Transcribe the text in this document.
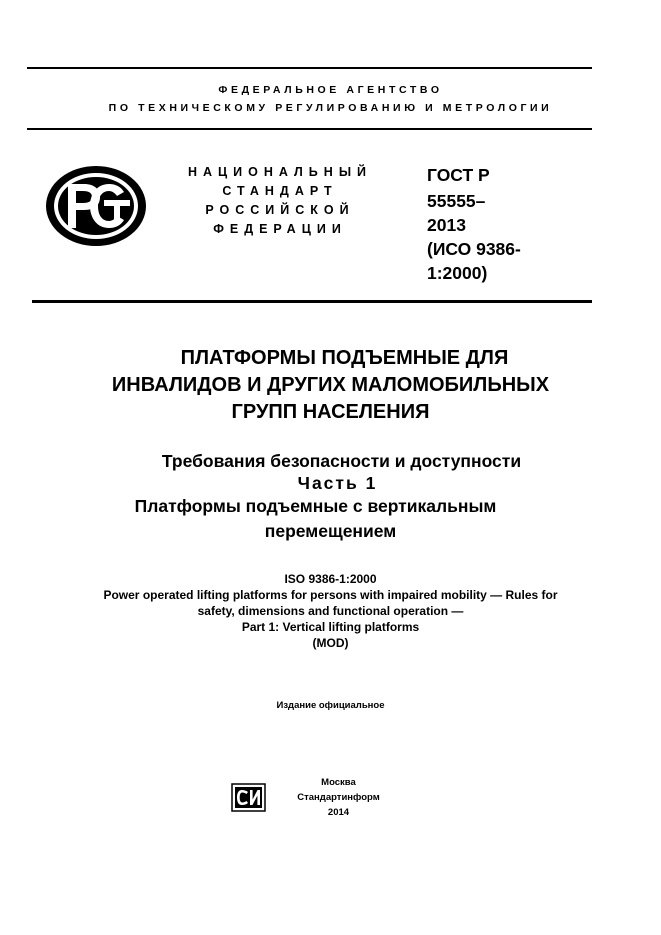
ФЕДЕРАЛЬНОЕ АГЕНТСТВО
ПО ТЕХНИЧЕСКОМУ РЕГУЛИРОВАНИЮ И МЕТРОЛОГИИ
НАЦИОНАЛЬНЫЙ
СТАНДАРТ
РОССИЙСКОЙ
ФЕДЕРАЦИИ
ГОСТ Р
55555–
2013
(ИСО 9386-
1:2000)
ПЛАТФОРМЫ ПОДЪЕМНЫЕ ДЛЯ
ИНВАЛИДОВ И ДРУГИХ МАЛОМОБИЛЬНЫХ
ГРУПП НАСЕЛЕНИЯ
Требования безопасности и доступности
Часть 1
Платформы подъемные с вертикальным
перемещением
ISO 9386-1:2000
Power operated lifting platforms for persons with impaired mobility — Rules for
safety, dimensions and functional operation —
Part 1: Vertical lifting platforms
(MOD)
Издание официальное
Москва
Стандартинформ
2014
